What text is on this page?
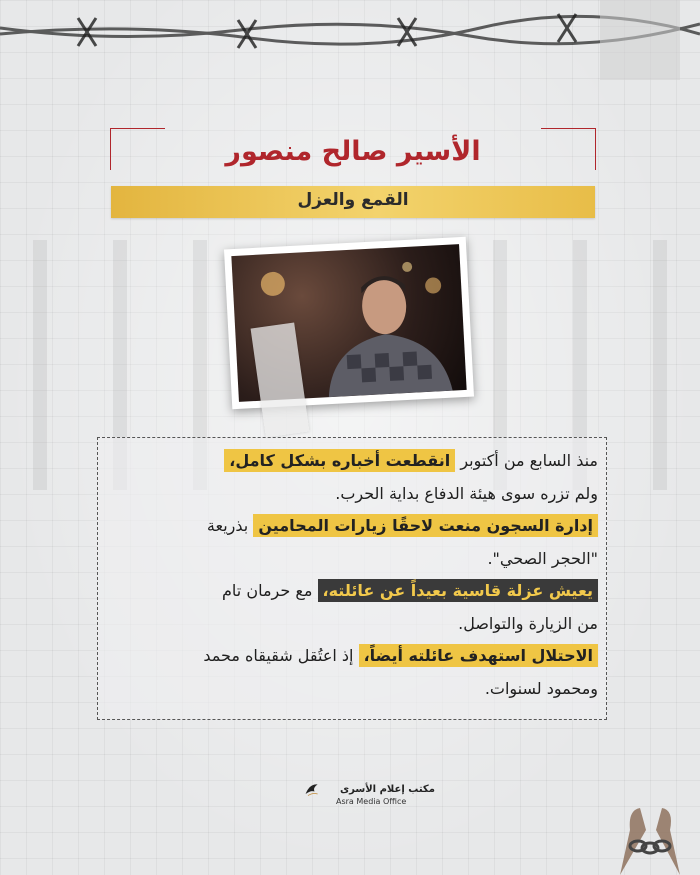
الأسير صالح منصور
القمع والعزل
منذ السابع من أكتوبر انقطعت أخباره بشكل كامل،
ولم تزره سوى هيئة الدفاع بداية الحرب.
إدارة السجون منعت لاحقًا زيارات المحامين بذريعة
"الحجر الصحي".
يعيش عزلة قاسية بعيداً عن عائلته، مع حرمان تام
من الزيارة والتواصل.
الاحتلال استهدف عائلته أيضاً، إذ اعتُقل شقيقاه محمد
ومحمود لسنوات.
مكتب إعلام الأسرى
Asra Media Office
